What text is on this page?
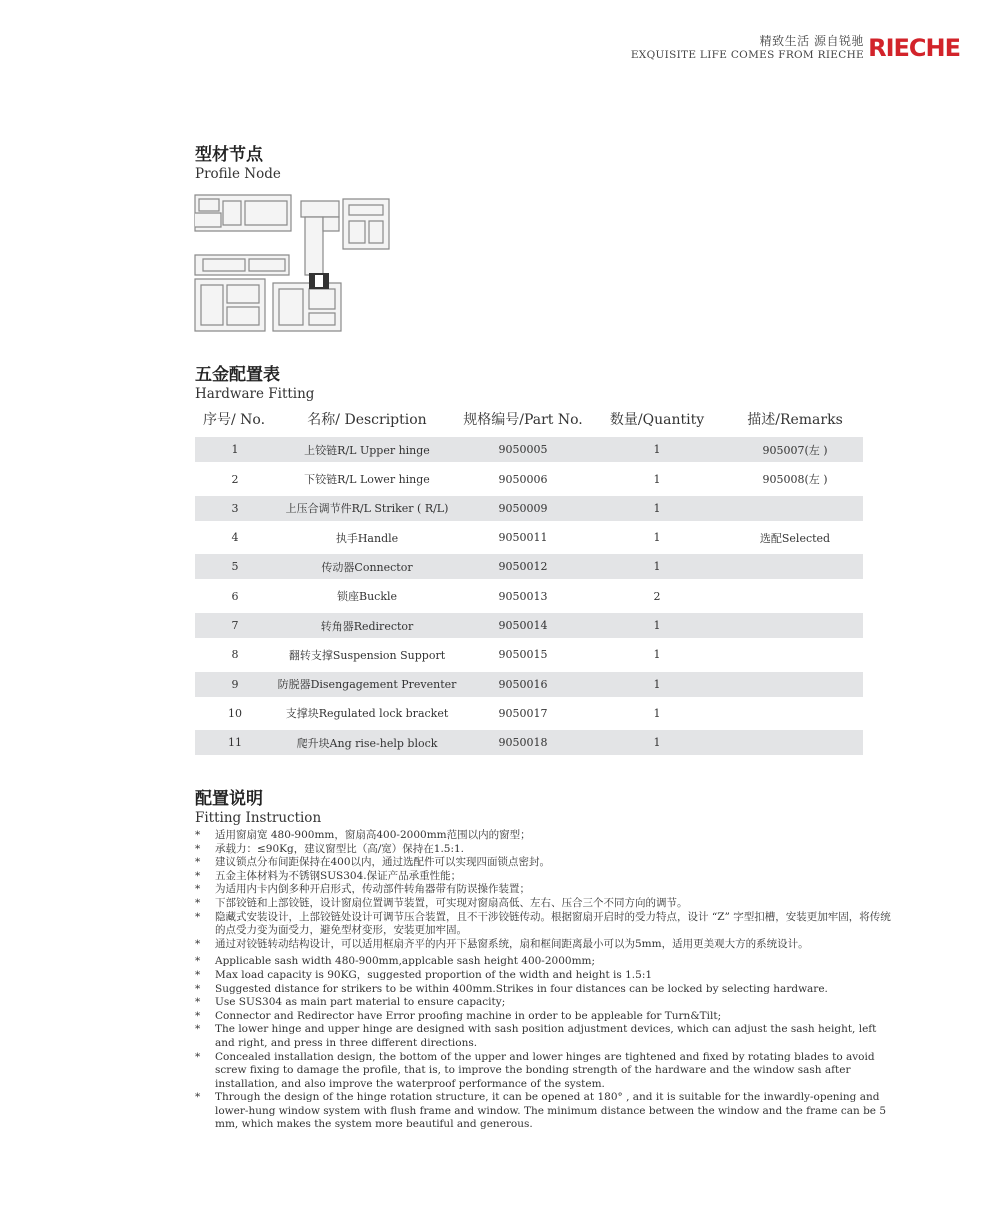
精致生活 源自锐驰
EXQUISITE LIFE COMES FROM RIECHE RIECHE
型材节点
Profile Node
五金配置表
Hardware Fitting
序号/ No.	名称/ Description	规格编号/Part No.	数量/Quantity	描述/Remarks
1	上铰链R/L Upper hinge	9050005	1	905007(左 )
2	下铰链R/L Lower hinge	9050006	1	905008(左 )
3	上压合调节件R/L Striker ( R/L)	9050009	1
4	执手Handle	9050011	1	选配Selected
5	传动器Connector	9050012	1
6	锁座Buckle	9050013	2
7	转角器Redirector	9050014	1
8	翻转支撑Suspension Support	9050015	1
9	防脱器Disengagement Preventer	9050016	1
10	支撑块Regulated lock bracket	9050017	1
11	爬升块Ang rise-help block	9050018	1
配置说明
Fitting Instruction
*	适用窗扇宽 480-900mm，窗扇高400-2000mm范围以内的窗型；
*	承载力：≤90Kg，建议窗型比（高/宽）保持在1.5:1.
*	建议锁点分布间距保持在400以内，通过选配件可以实现四面锁点密封。
*	五金主体材料为不锈钢SUS304.保证产品承重性能；
*	为适用内卡内倒多种开启形式，传动部件转角器带有防误操作装置；
*	下部铰链和上部铰链，设计窗扇位置调节装置，可实现对窗扇高低、左右、压合三个不同方向的调节。
*	隐藏式安装设计，上部铰链处设计可调节压合装置，且不干涉铰链传动。根据窗扇开启时的受力特点，设计 “Z” 字型扣槽，安装更加牢固，将传统的点受力变为面受力，避免型材变形，安装更加牢固。
*	通过对铰链转动结构设计，可以适用框扇齐平的内开下悬窗系统，扇和框间距离最小可以为5mm，适用更美观大方的系统设计。
*	Applicable sash width 480-900mm,applcable sash height 400-2000mm;
*	Max load capacity is 90KG，suggested proportion of the width and height is 1.5:1
*	Suggested distance for strikers to be within 400mm.Strikes in four distances can be locked by selecting hardware.
*	Use SUS304 as main part material to ensure capacity;
*	Connector and Redirector have Error proofing machine in order to be appleable for Turn&Tilt;
*	The lower hinge and upper hinge are designed with sash position adjustment devices, which can adjust the sash height, left and right, and press in three different directions.
*	Concealed installation design, the bottom of the upper and lower hinges are tightened and fixed by rotating blades to avoid screw fixing to damage the profile, that is, to improve the bonding strength of the hardware and the window sash after installation, and also improve the waterproof performance of the system.
*	Through the design of the hinge rotation structure, it can be opened at 180° , and it is suitable for the inwardly-opening and lower-hung window system with flush frame and window. The minimum distance between the window and the frame can be 5 mm, which makes the system more beautiful and generous.
